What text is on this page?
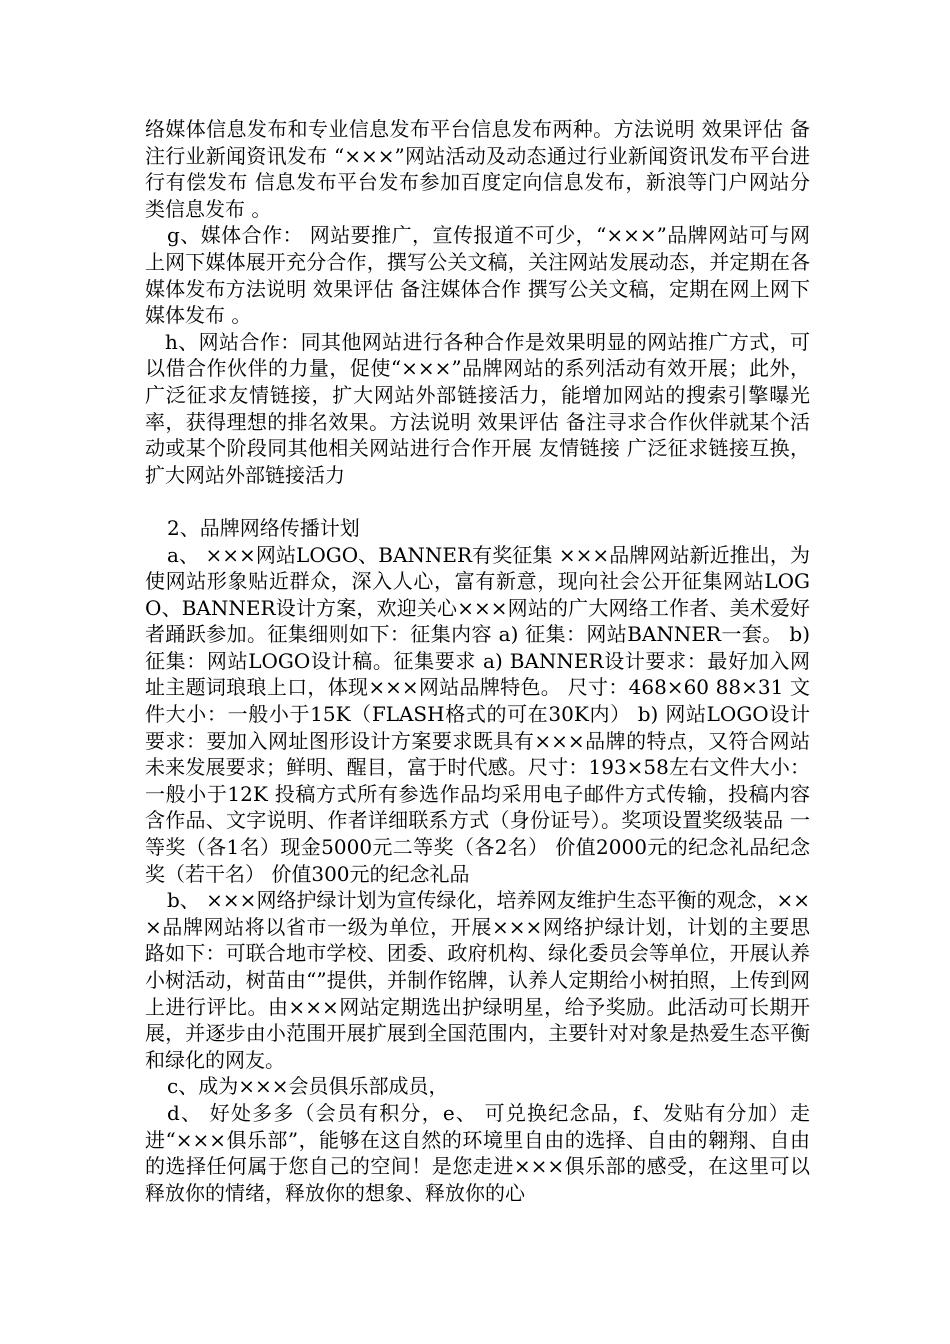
络媒体信息发布和专业信息发布平台信息发布两种。方法说明 效果评估 备注行业新闻资讯发布 “×××”网站活动及动态通过行业新闻资讯发布平台进行有偿发布 信息发布平台发布参加百度定向信息发布，新浪等门户网站分类信息发布 。

g、媒体合作： 网站要推广，宣传报道不可少，“×××”品牌网站可与网上网下媒体展开充分合作，撰写公关文稿，关注网站发展动态，并定期在各媒体发布方法说明 效果评估 备注媒体合作 撰写公关文稿，定期在网上网下媒体发布 。

h、网站合作：同其他网站进行各种合作是效果明显的网站推广方式，可以借合作伙伴的力量，促使“×××”品牌网站的系列活动有效开展；此外，广泛征求友情链接，扩大网站外部链接活力，能增加网站的搜索引擎曝光率，获得理想的排名效果。方法说明 效果评估 备注寻求合作伙伴就某个活动或某个阶段同其他相关网站进行合作开展 友情链接 广泛征求链接互换，扩大网站外部链接活力

2、品牌网络传播计划

a、 ×××网站LOGO、BANNER有奖征集 ×××品牌网站新近推出，为使网站形象贴近群众，深入人心，富有新意，现向社会公开征集网站LOGO、BANNER设计方案，欢迎关心×××网站的广大网络工作者、美术爱好者踊跃参加。征集细则如下：征集内容 a) 征集：网站BANNER一套。 b) 征集：网站LOGO设计稿。征集要求 a) BANNER设计要求：最好加入网址主题词琅琅上口，体现×××网站品牌特色。 尺寸：468×60 88×31 文件大小：一般小于15K（FLASH格式的可在30K内） b) 网站LOGO设计要求：要加入网址图形设计方案要求既具有×××品牌的特点，又符合网站未来发展要求；鲜明、醒目，富于时代感。尺寸：193×58左右文件大小：一般小于12K 投稿方式所有参选作品均采用电子邮件方式传输，投稿内容含作品、文字说明、作者详细联系方式（身份证号）。奖项设置奖级装品 一等奖（各1名）现金5000元二等奖（各2名） 价值2000元的纪念礼品纪念奖（若干名） 价值300元的纪念礼品

b、 ×××网络护绿计划为宣传绿化，培养网友维护生态平衡的观念，×××品牌网站将以省市一级为单位，开展×××网络护绿计划，计划的主要思路如下：可联合地市学校、团委、政府机构、绿化委员会等单位，开展认养小树活动，树苗由“”提供，并制作铭牌，认养人定期给小树拍照，上传到网上进行评比。由×××网站定期选出护绿明星，给予奖励。此活动可长期开展，并逐步由小范围开展扩展到全国范围内，主要针对对象是热爱生态平衡和绿化的网友。

c、成为×××会员俱乐部成员，

d、 好处多多（会员有积分，e、 可兑换纪念品，f、发贴有分加）走进“×××俱乐部”，能够在这自然的环境里自由的选择、自由的翱翔、自由的选择任何属于您自己的空间！是您走进×××俱乐部的感受，在这里可以释放你的情绪，释放你的想象、释放你的心
